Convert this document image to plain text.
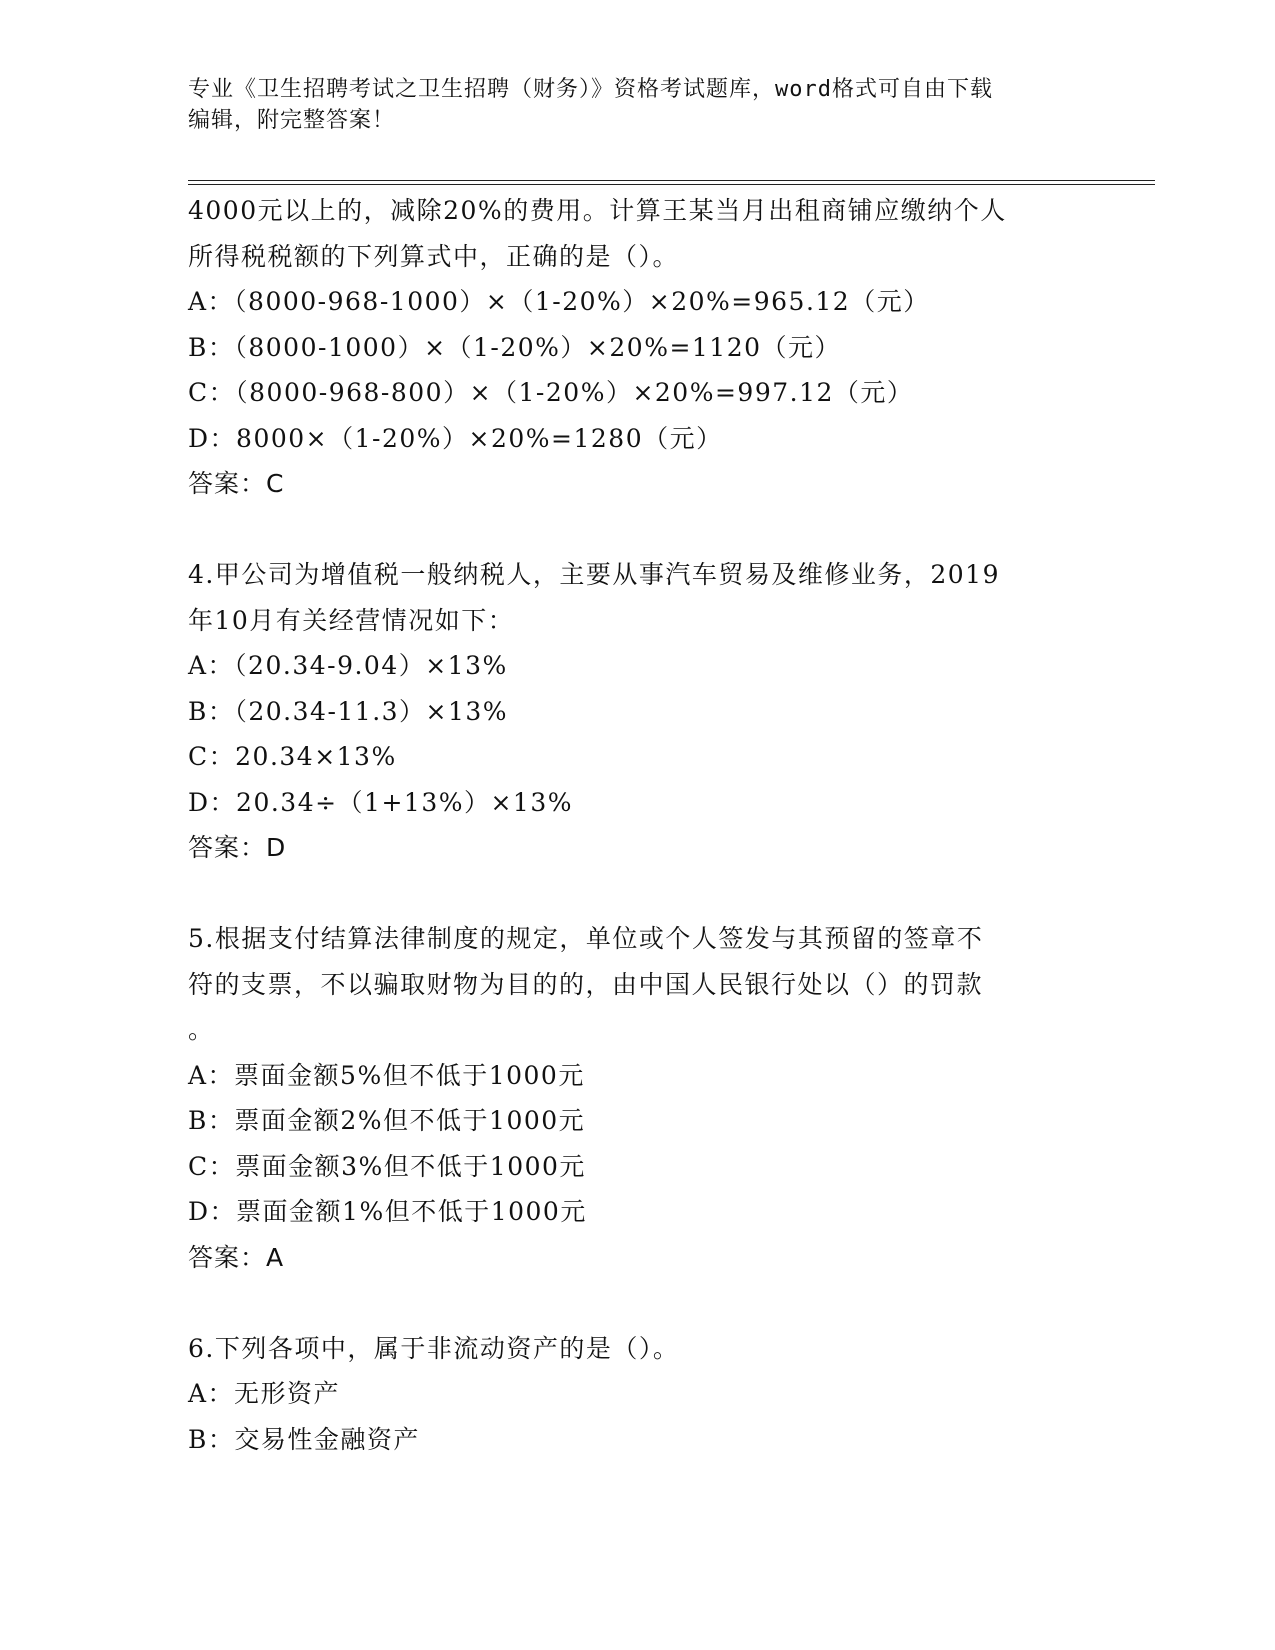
专业《卫生招聘考试之卫生招聘（财务）》资格考试题库，word格式可自由下载
编辑，附完整答案！
4000元以上的，减除20%的费用。计算王某当月出租商铺应缴纳个人
所得税税额的下列算式中，正确的是（）。
A：（8000-968-1000）×（1-20%）×20%=965.12（元）
B：（8000-1000）×（1-20%）×20%=1120（元）
C：（8000-968-800）×（1-20%）×20%=997.12（元）
D：8000×（1-20%）×20%=1280（元）
答案：C
4.甲公司为增值税一般纳税人，主要从事汽车贸易及维修业务，2019
年10月有关经营情况如下：
A：（20.34-9.04）×13%
B：（20.34-11.3）×13%
C：20.34×13%
D：20.34÷（1+13%）×13%
答案：D
5.根据支付结算法律制度的规定，单位或个人签发与其预留的签章不
符的支票，不以骗取财物为目的的，由中国人民银行处以（）的罚款
。
A：票面金额5%但不低于1000元
B：票面金额2%但不低于1000元
C：票面金额3%但不低于1000元
D：票面金额1%但不低于1000元
答案：A
6.下列各项中，属于非流动资产的是（）。
A：无形资产
B：交易性金融资产
